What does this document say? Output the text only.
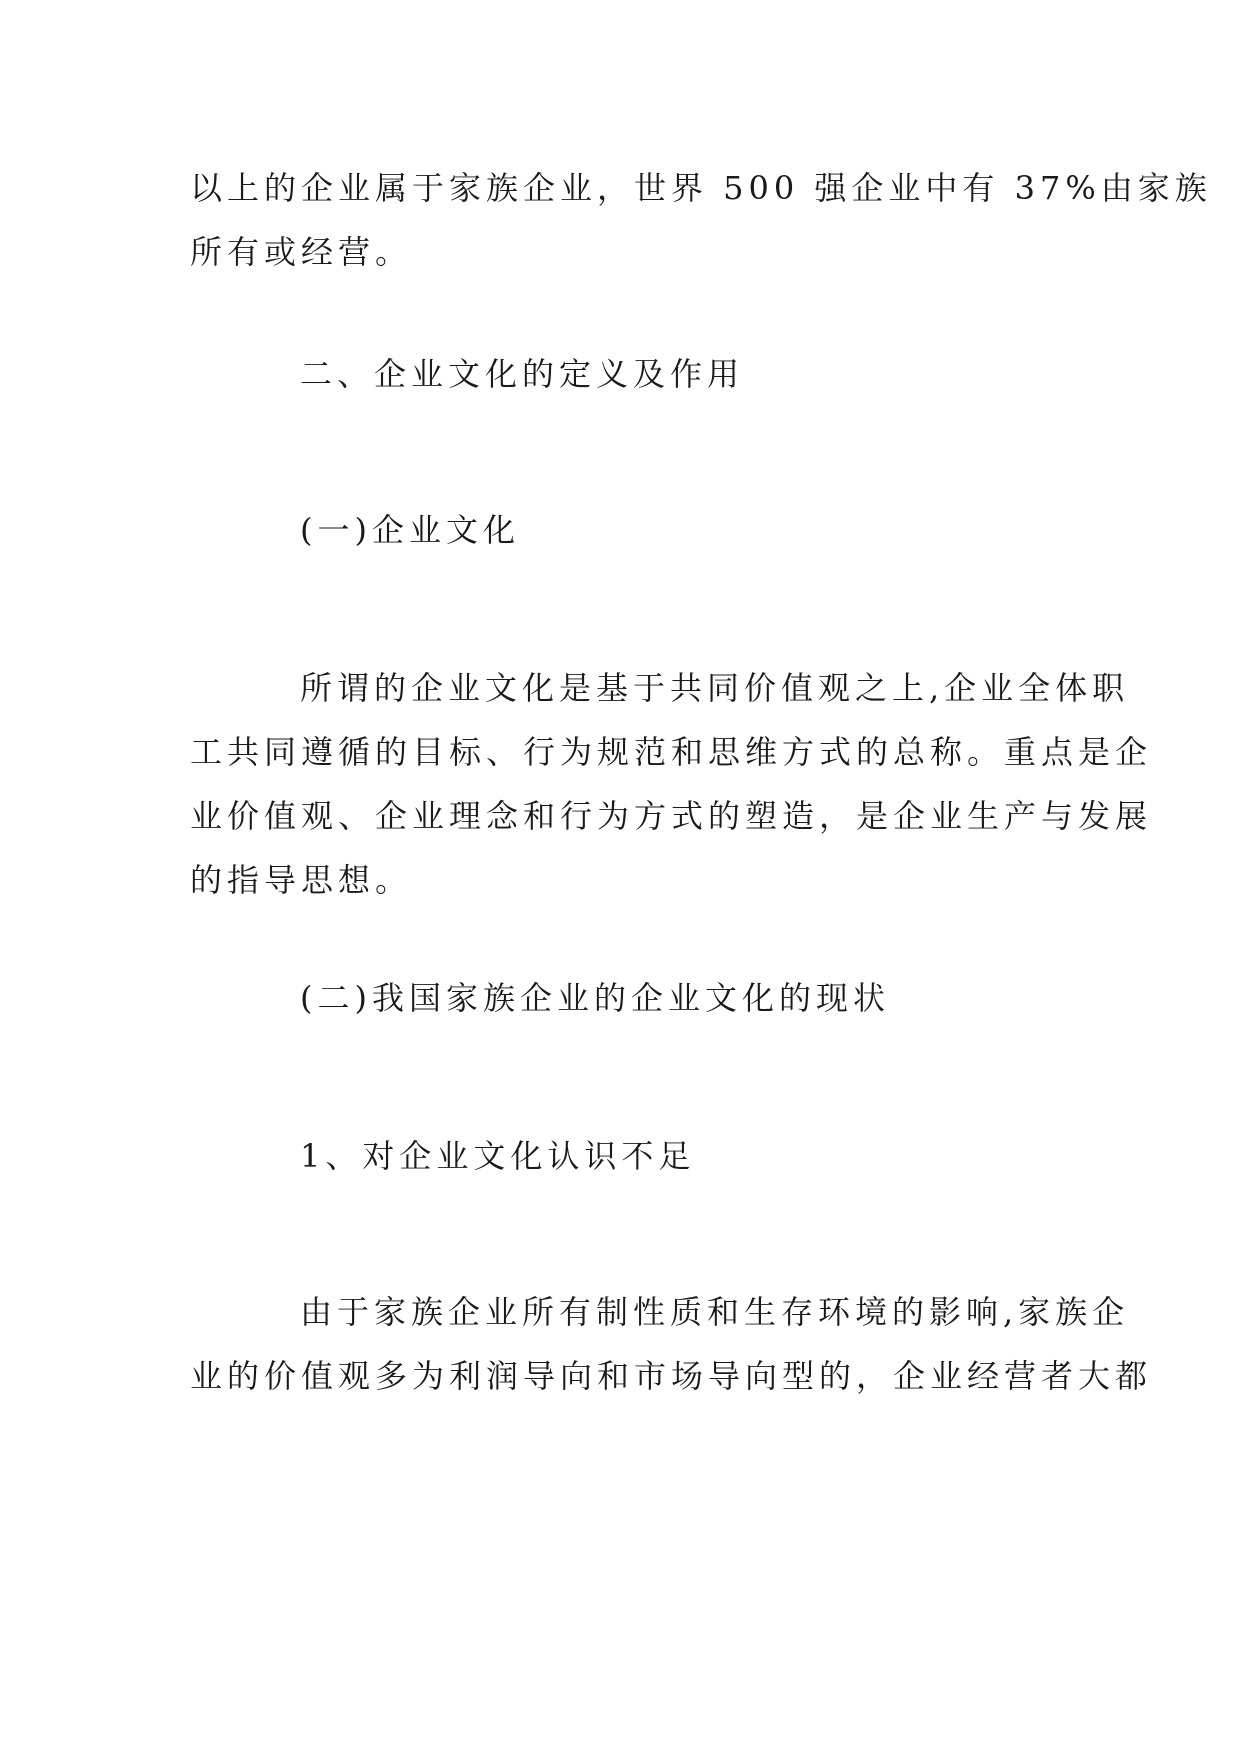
以上的企业属于家族企业，世界 500 强企业中有 37%由家族
所有或经营。

二、企业文化的定义及作用
(一)企业文化

所谓的企业文化是基于共同价值观之上,企业全体职
工共同遵循的目标、行为规范和思维方式的总称。重点是企
业价值观、企业理念和行为方式的塑造，是企业生产与发展
的指导思想。

(二)我国家族企业的企业文化的现状
1、对企业文化认识不足

由于家族企业所有制性质和生存环境的影响,家族企
业的价值观多为利润导向和市场导向型的，企业经营者大都
